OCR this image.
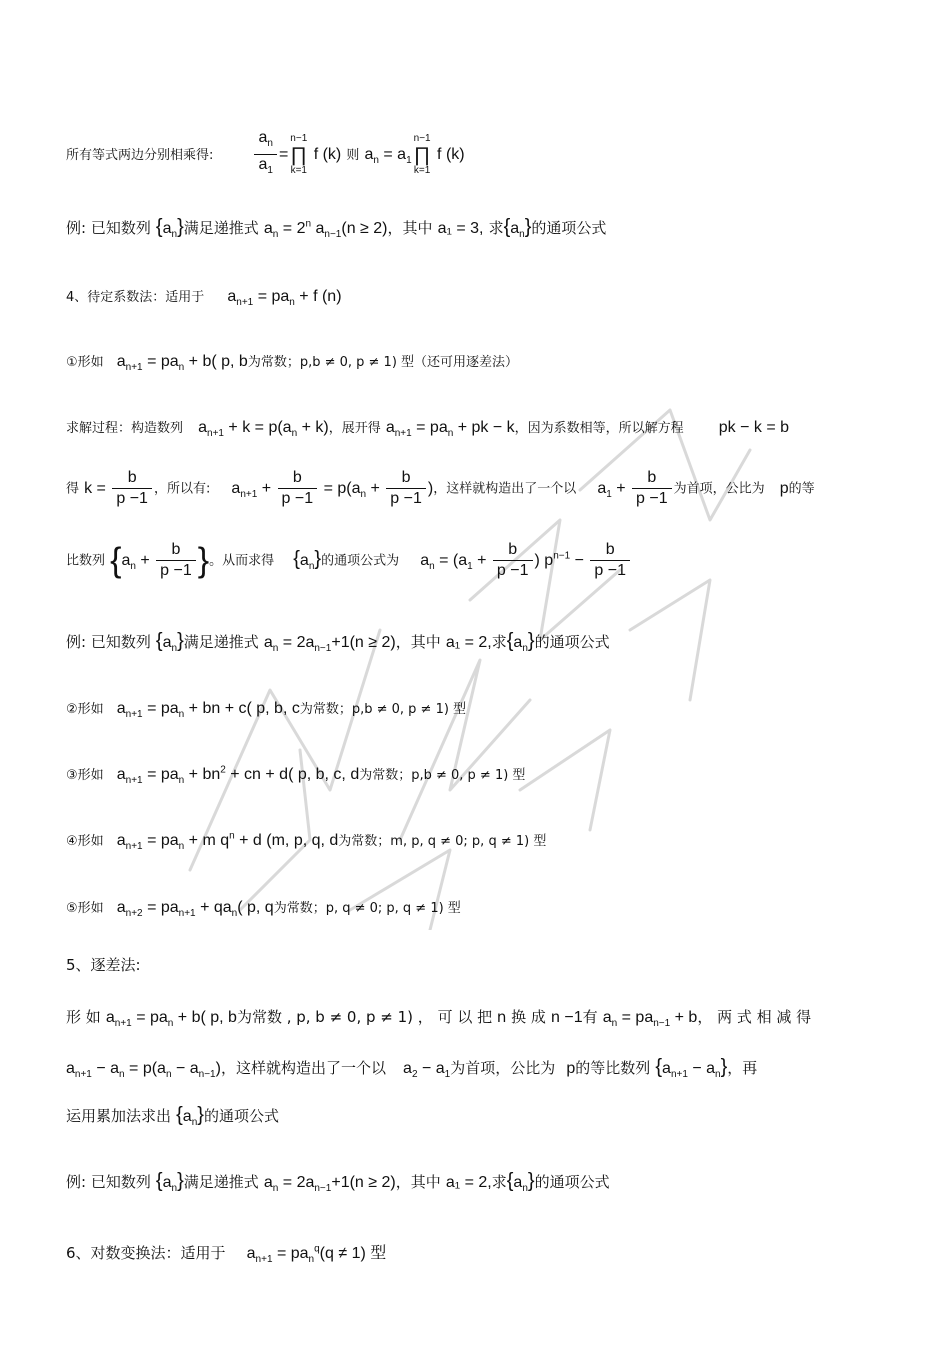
所有等式两边分别相乘得:	$\frac{a_n}{a_1}$ =
n−1
∏
k=1
f (k) 则 $a_n = a_1$
n−1
∏
k=1
f (k)
例: 已知数列 $\{a_n\}$满足递推式 $a_n = 2^n$ $a_{n-1}(n \ge 2)$，其中 a₁ = 3, 求$\{a_n\}$的通项公式
4、待定系数法：适用于 $a_{n+1} = pa_n + f$ (n)
①形如 $a_{n+1} = pa_n + b$( p, b为常数；p,b ≠ 0, p ≠ 1) 型（还可用逐差法）
求解过程：构造数列 $a_{n+1} + k = p(a_n + k)$，展开得 $a_{n+1} = pa_n$ + pk − k，因为系数相等，所以解方程 pk − k = b
得 $k = \frac{b}{p -1}$ ，所以有: $a_{n+1} + \frac{b}{p -1} = p(a_n + \frac{b}{p -1}$ )，这样就构造出了一个以 $a_1 + \frac{b}{p -1}$ 为首项，公比为 p的等
比数列 {$a_n + \frac{b}{p -1}$ }。从而求得 $\{a_n\}$的通项公式为 $a_n = (a_1 + \frac{b}{p -1}$ ) $p^{n-1} - \frac{b}{p -1}$
例: 已知数列 $\{a_n\}$满足递推式 $a_n = 2a_{n-1}+1(n \ge 2)$，其中 a₁ = 2,求$\{a_n\}$的通项公式
②形如 $a_{n+1} = pa_n$ + bn + c( p, b, c为常数；p,b ≠ 0, p ≠ 1) 型
③形如 $a_{n+1} = pa_n + bn^2$ + cn + d( p, b, c, d为常数；p,b ≠ 0, p ≠ 1) 型
④形如 $a_{n+1} = pa_n + m$ $q^n + d$ (m, p, q, d为常数；m, p, q ≠ 0; p, q ≠ 1) 型
⑤形如 $a_{n+2} = pa_{n+1} + qa_n$( p, q为常数；p, q ≠ 0; p, q ≠ 1) 型
5、逐差法:
形 如 $a_{n+1} = pa_n + b$( p, b为常数 , p, b ≠ 0, p ≠ 1) ， 可 以 把 n 换 成 n −1有 $a_n = pa_{n-1} + b$， 两 式 相 减 得
$a_{n+1} - a_n = p(a_n - a_{n-1})$，这样就构造出了一个以 $a_2 - a_1$为首项，公比为 p的等比数列 $\{a_{n+1} - a_n\}$，再
运用累加法求出 $\{a_n\}$的通项公式
例: 已知数列 $\{a_n\}$满足递推式 $a_n = 2a_{n-1}+1(n \ge 2)$，其中 a₁ = 2,求$\{a_n\}$的通项公式
6、对数变换法：适用于 $a_{n+1} = pa_n^q(q \ne 1)$ 型
